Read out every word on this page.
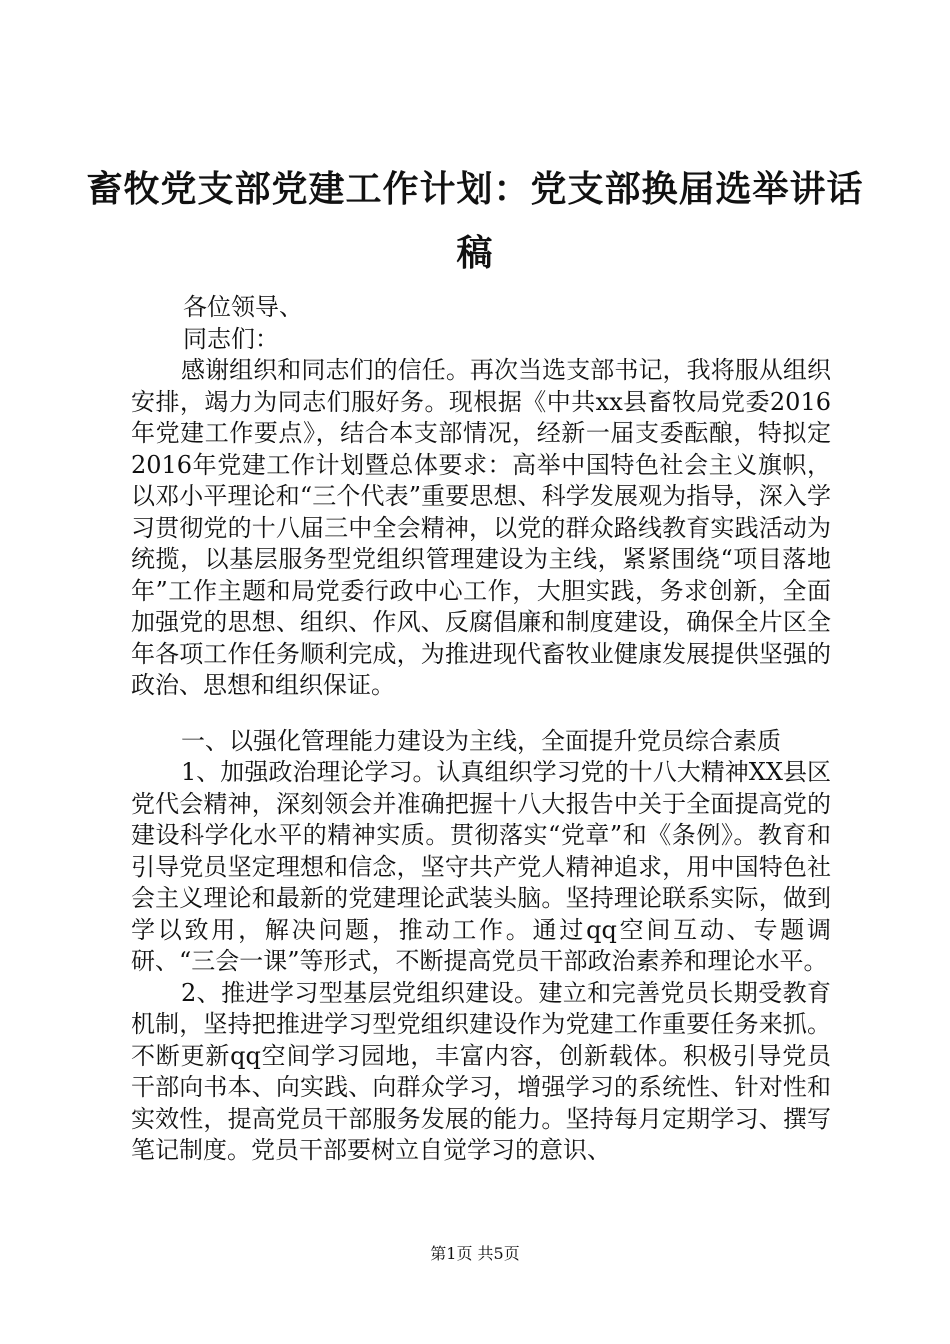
畜牧党支部党建工作计划：党支部换届选举讲话稿

各位领导、

同志们：

感谢组织和同志们的信任。再次当选支部书记，我将服从组织安排，竭力为同志们服好务。现根据《中共xx县畜牧局党委2016年党建工作要点》，结合本支部情况，经新一届支委酝酿，特拟定2016年党建工作计划暨总体要求：高举中国特色社会主义旗帜，以邓小平理论和“三个代表”重要思想、科学发展观为指导，深入学习贯彻党的十八届三中全会精神，以党的群众路线教育实践活动为统揽，以基层服务型党组织管理建设为主线，紧紧围绕“项目落地年”工作主题和局党委行政中心工作，大胆实践，务求创新，全面加强党的思想、组织、作风、反腐倡廉和制度建设，确保全片区全年各项工作任务顺利完成，为推进现代畜牧业健康发展提供坚强的政治、思想和组织保证。

一、以强化管理能力建设为主线，全面提升党员综合素质

1、加强政治理论学习。认真组织学习党的十八大精神XX县区党代会精神，深刻领会并准确把握十八大报告中关于全面提高党的建设科学化水平的精神实质。贯彻落实“党章”和《条例》。教育和引导党员坚定理想和信念，坚守共产党人精神追求，用中国特色社会主义理论和最新的党建理论武装头脑。坚持理论联系实际，做到学以致用，解决问题，推动工作。通过qq空间互动、专题调研、“三会一课”等形式，不断提高党员干部政治素养和理论水平。

2、推进学习型基层党组织建设。建立和完善党员长期受教育机制，坚持把推进学习型党组织建设作为党建工作重要任务来抓。不断更新qq空间学习园地，丰富内容，创新载体。积极引导党员干部向书本、向实践、向群众学习，增强学习的系统性、针对性和实效性，提高党员干部服务发展的能力。坚持每月定期学习、撰写笔记制度。党员干部要树立自觉学习的意识、

第1页 共5页
